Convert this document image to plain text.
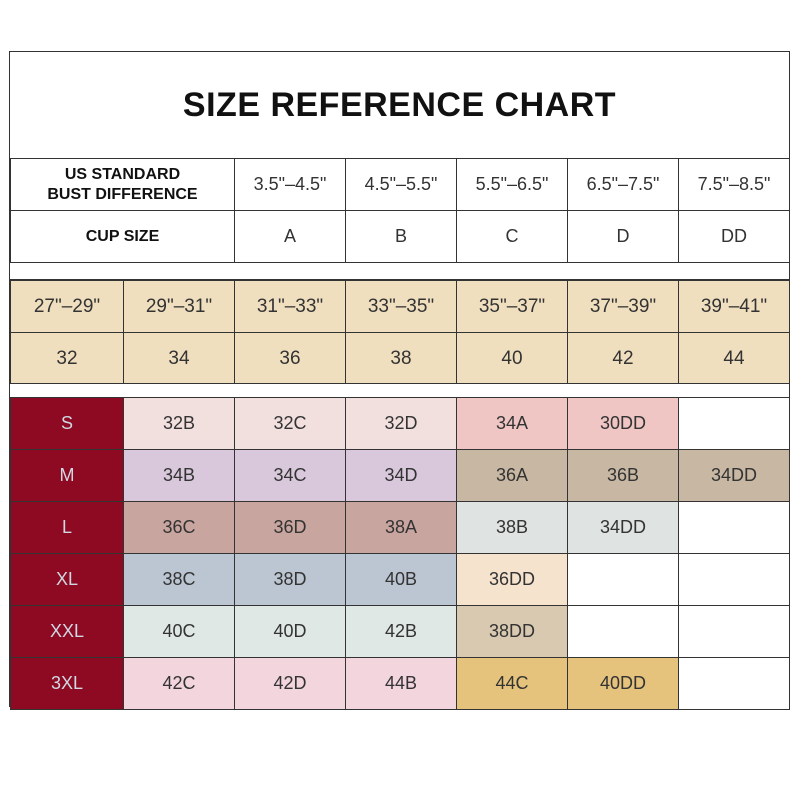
SIZE REFERENCE CHART
US STANDARD
BUST DIFFERENCE	3.5"–4.5"	4.5"–5.5"	5.5"–6.5"	6.5"–7.5"	7.5"–8.5"
CUP SIZE	A	B	C	D	DD
27"–29"	29"–31"	31"–33"	33"–35"	35"–37"	37"–39"	39"–41"
32	34	36	38	40	42	44
S	32B	32C	32D	34A	30DD	
M	34B	34C	34D	36A	36B	34DD
L	36C	36D	38A	38B	34DD	
XL	38C	38D	40B	36DD		
XXL	40C	40D	42B	38DD		
3XL	42C	42D	44B	44C	40DD	
